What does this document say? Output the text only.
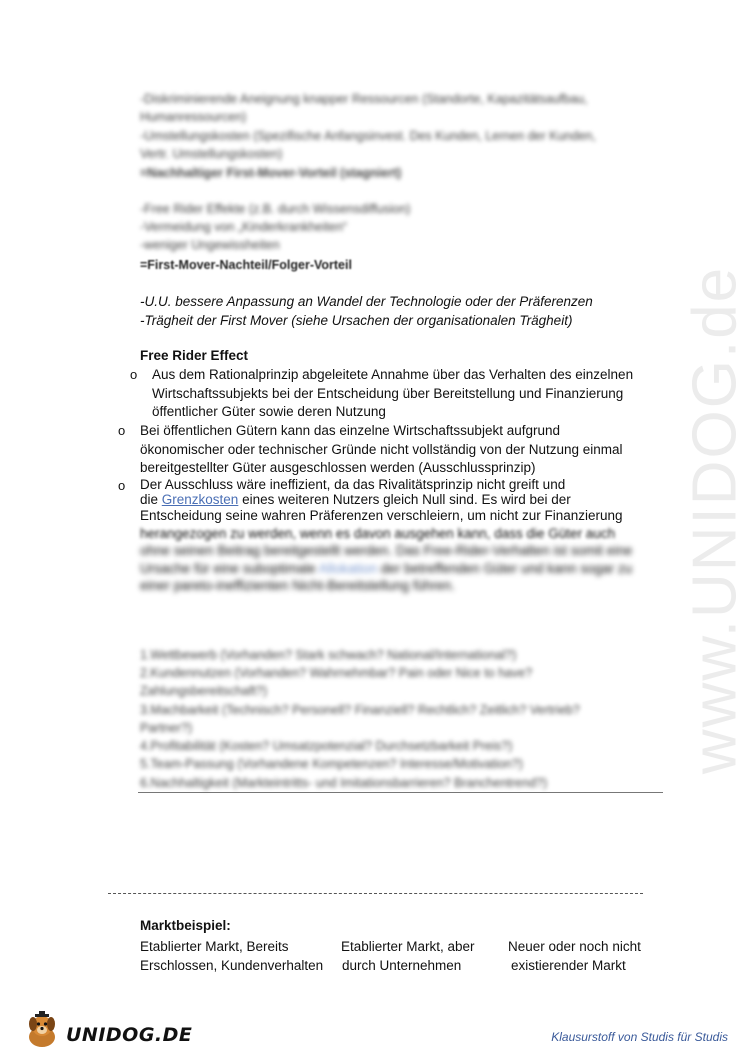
www.UNIDOG.de
-Diskriminierende Aneignung knapper Ressourcen (Standorte, Kapazitätsaufbau,
Humanressourcen)
-Umstellungskosten (Spezifische Anfangsinvest. Des Kunden, Lernen der Kunden,
Vertr. Umstellungskosten)
=Nachhaltiger First-Mover-Vorteil (stagniert)
-Free Rider Effekte (z.B. durch Wissensdiffusion)
-Vermeidung von „Kinderkrankheiten“
-weniger Ungewissheiten
=First-Mover-Nachteil/Folger-Vorteil
-U.U. bessere Anpassung an Wandel der Technologie oder der Präferenzen
-Trägheit der First Mover (siehe Ursachen der organisationalen Trägheit)
Free Rider Effect
o Aus dem Rationalprinzip abgeleitete Annahme über das Verhalten des einzelnen
Wirtschaftssubjekts bei der Entscheidung über Bereitstellung und Finanzierung
öffentlicher Güter sowie deren Nutzung
o Bei öffentlichen Gütern kann das einzelne Wirtschaftssubjekt aufgrund
ökonomischer oder technischer Gründe nicht vollständig von der Nutzung einmal
bereitgestellter Güter ausgeschlossen werden (Ausschlussprinzip)
o Der Ausschluss wäre ineffizient, da das Rivalitätsprinzip nicht greift und
die Grenzkosten eines weiteren Nutzers gleich Null sind. Es wird bei der
Entscheidung seine wahren Präferenzen verschleiern, um nicht zur Finanzierung
herangezogen zu werden, wenn es davon ausgehen kann, dass die Güter auch
ohne seinen Beitrag bereitgestellt werden. Das Free-Rider-Verhalten ist somit eine
Ursache für eine suboptimale Allokation der betreffenden Güter und kann sogar zu
einer pareto-ineffizienten Nicht-Bereitstellung führen.
1.Wettbewerb (Vorhanden? Stark schwach? National/International?)
2.Kundennutzen (Vorhanden? Wahrnehmbar? Pain oder Nice to have?
Zahlungsbereitschaft?)
3.Machbarkeit (Technisch? Personell? Finanziell? Rechtlich? Zeitlich? Vertrieb?
Partner?)
4.Profitabilität (Kosten? Umsatzpotenzial? Durchsetzbarkeit Preis?)
5.Team-Passung (Vorhandene Kompetenzen? Interesse/Motivation?)
6.Nachhaltigkeit (Markteintritts- und Imitationsbarrieren? Branchentrend?)
Marktbeispiel:
Etablierter Markt, Bereits
Erschlossen, Kundenverhalten
Etablierter Markt, aber
durch Unternehmen
Neuer oder noch nicht
existierender Markt
UNIDOG.DE	Klausurstoff von Studis für Studis
